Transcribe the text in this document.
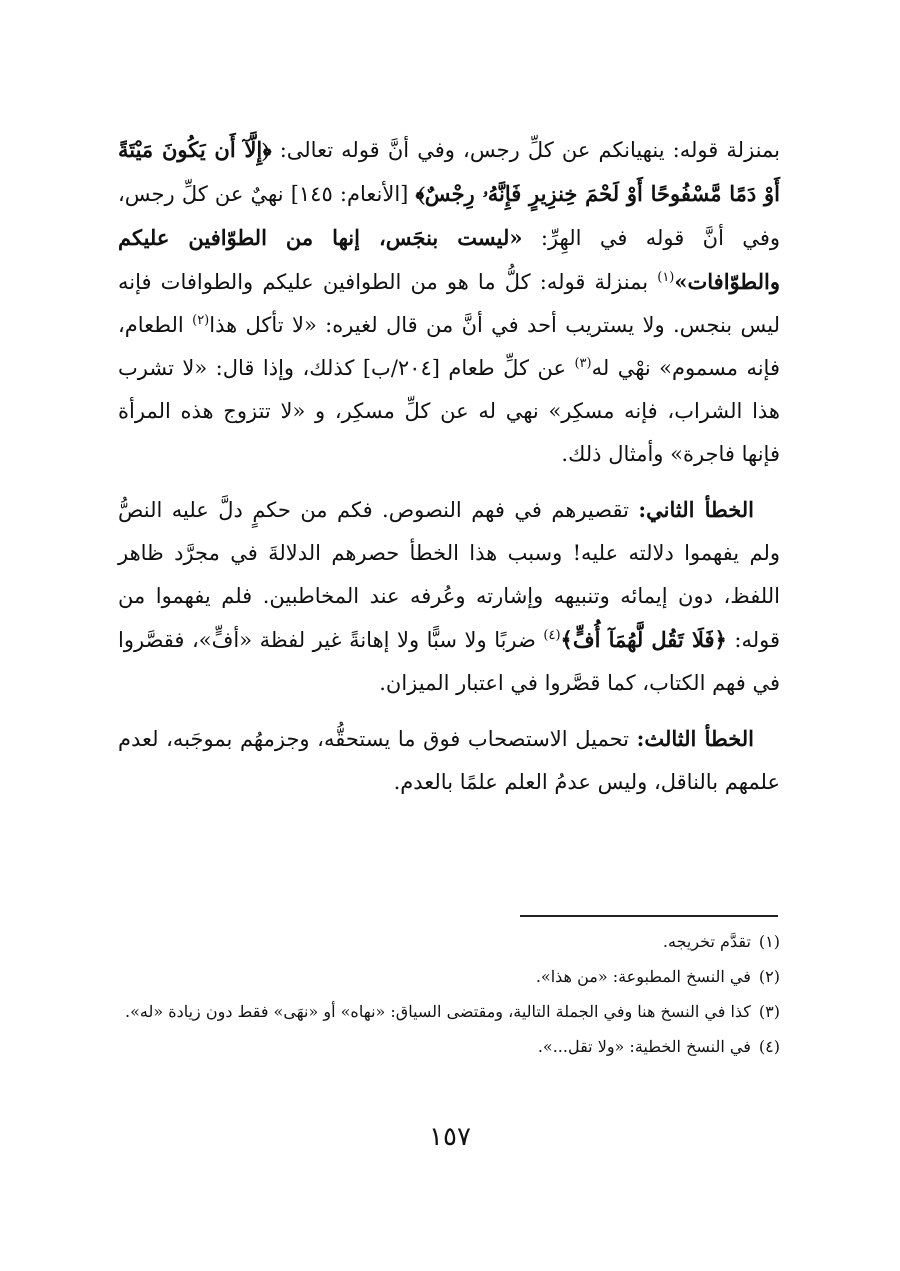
بمنزلة قوله: ينهيانكم عن كلِّ رجس، وفي أنَّ قوله تعالى: ﴿إِلَّآ أَن يَكُونَ مَيْتَةً أَوْ دَمًا مَّسْفُوحًا أَوْ لَحْمَ خِنزِيرٍ فَإِنَّهُۥ رِجْسٌ﴾ [الأنعام: ١٤٥] نهيٌ عن كلِّ رجس، وفي أنَّ قوله في الهِرِّ: «ليست بنجَس، إنها من الطوّافين عليكم والطوّافات»$^{(١)}$ بمنزلة قوله: كلُّ ما هو من الطوافين عليكم والطوافات فإنه ليس بنجس. ولا يستريب أحد في أنَّ من قال لغيره: «لا تأكل هذا$^{(٢)}$ الطعام، فإنه مسموم» نهْي له$^{(٣)}$ عن كلِّ طعام [٢٠٤/ب] كذلك، وإذا قال: «لا تشرب هذا الشراب، فإنه مسكِر» نهي له عن كلِّ مسكِر، و «لا تتزوج هذه المرأة فإنها فاجرة» وأمثال ذلك.

الخطأ الثاني: تقصيرهم في فهم النصوص. فكم من حكمٍ دلَّ عليه النصُّ ولم يفهموا دلالته عليه! وسبب هذا الخطأ حصرهم الدلالةَ في مجرَّد ظاهر اللفظ، دون إيمائه وتنبيهه وإشارته وعُرفه عند المخاطبين. فلم يفهموا من قوله: ﴿فَلَا تَقُل لَّهُمَآ أُفٍّ﴾$^{(٤)}$ ضربًا ولا سبًّا ولا إهانةً غير لفظة «أفٍّ»، فقصَّروا في فهم الكتاب، كما قصَّروا في اعتبار الميزان.

الخطأ الثالث: تحميل الاستصحاب فوق ما يستحقُّه، وجزمهُم بموجَبه، لعدم علمهم بالناقل، وليس عدمُ العلم علمًا بالعدم.

(١)
تقدَّم تخريجه.
(٢)
في النسخ المطبوعة: «من هذا».
(٣)
كذا في النسخ هنا وفي الجملة التالية، ومقتضى السياق: «نهاه» أو «نهَى» فقط دون زيادة «له».
(٤)
في النسخ الخطية: «ولا تقل...».
١٥٧
